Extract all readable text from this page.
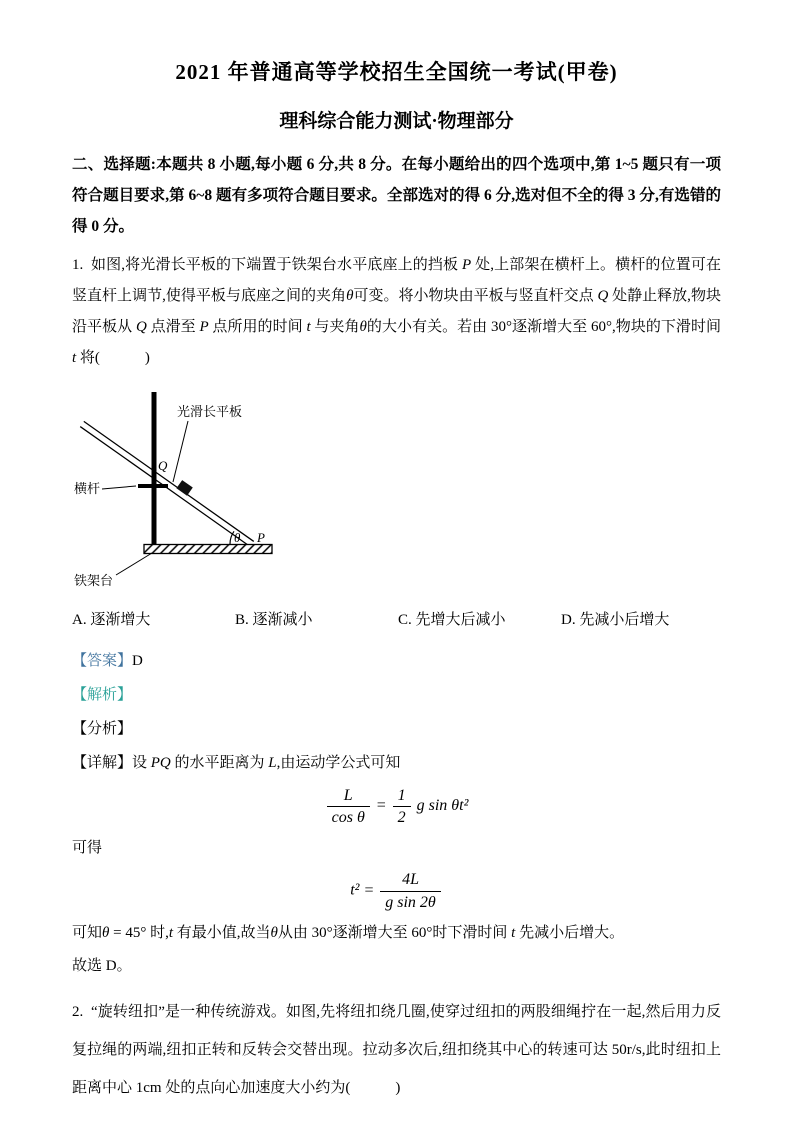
2021 年普通高等学校招生全国统一考试(甲卷)
理科综合能力测试·物理部分

二、选择题:本题共 8 小题,每小题 6 分,共 8 分。在每小题给出的四个选项中,第 1~5 题只有一项符合题目要求,第 6~8 题有多项符合题目要求。全部选对的得 6 分,选对但不全的得 3 分,有选错的得 0 分。

1.  如图,将光滑长平板的下端置于铁架台水平底座上的挡板 P 处,上部架在横杆上。横杆的位置可在竖直杆上调节,使得平板与底座之间的夹角θ可变。将小物块由平板与竖直杆交点 Q 处静止释放,物块沿平板从 Q 点滑至 P 点所用的时间 t 与夹角θ的大小有关。若由 30°逐渐增大至 60°,物块的下滑时间 t 将(　　　)

光滑长平板
横杆
铁架台
Q
P
θ
A. 逐渐增大	B. 逐渐减小	C. 先增大后减小	D. 先减小后增大

【答案】D

【解析】

【分析】

【详解】设 PQ 的水平距离为 L,由运动学公式可知

$\frac{L}{\text{cos θ}} = \frac{1}{2}$ g sin θt²

可得

$t^2 = \frac{4L}{\text{g sin 2θ}}$

可知θ = 45° 时,t 有最小值,故当θ从由 30°逐渐增大至 60°时下滑时间 t 先减小后增大。

故选 D。

2.  “旋转纽扣”是一种传统游戏。如图,先将纽扣绕几圈,使穿过纽扣的两股细绳拧在一起,然后用力反复拉绳的两端,纽扣正转和反转会交替出现。拉动多次后,纽扣绕其中心的转速可达 50r/s,此时纽扣上距离中心 1cm 处的点向心加速度大小约为(　　　)
